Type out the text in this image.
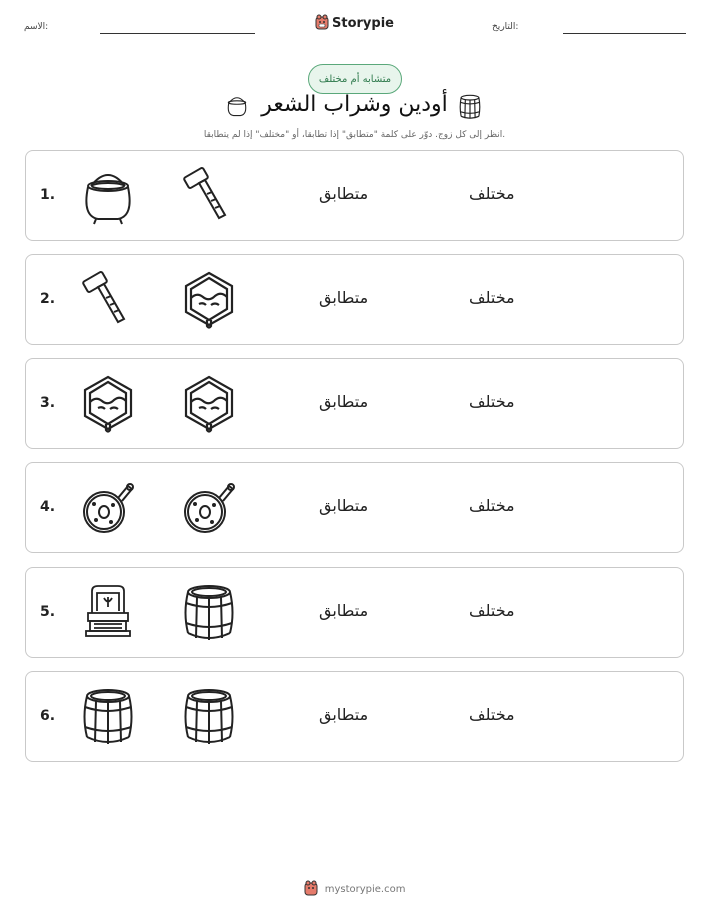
الاسم:	Storypie	التاريخ:
متشابه أم مختلف
أودين وشراب الشعر
انظر إلى كل زوج. دوّر على كلمة "متطابق" إذا تطابقا، أو "مختلف" إذا لم يتطابقا.
1.	متطابق	مختلف
2.	متطابق	مختلف
3.	متطابق	مختلف
4.	متطابق	مختلف
5.	متطابق	مختلف
6.	متطابق	مختلف
mystorypie.com
